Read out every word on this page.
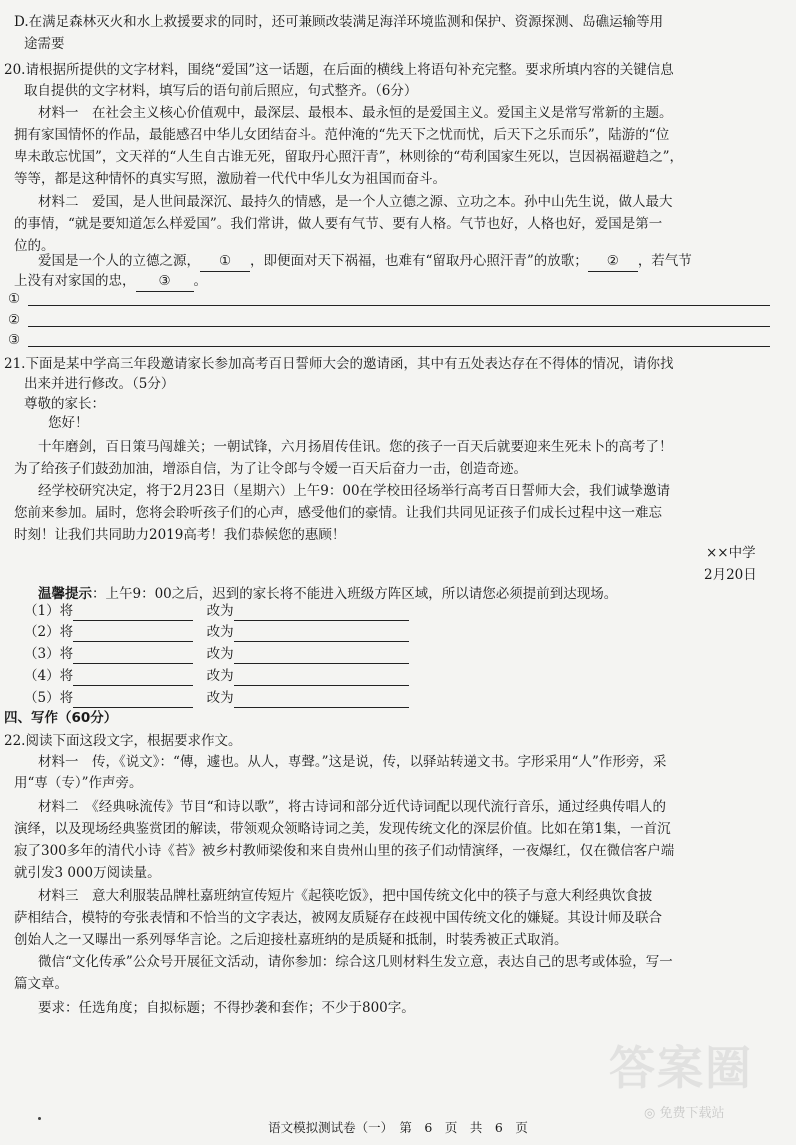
D.在满足森林灭火和水上救援要求的同时，还可兼顾改装满足海洋环境监测和保护、资源探测、岛礁运输等用
途需要
20.请根据所提供的文字材料，围绕“爱国”这一话题，在后面的横线上将语句补充完整。要求所填内容的关键信息
取自提供的文字材料，填写后的语句前后照应，句式整齐。（6分）
材料一　在社会主义核心价值观中，最深层、最根本、最永恒的是爱国主义。爱国主义是常写常新的主题。
拥有家国情怀的作品，最能感召中华儿女团结奋斗。范仲淹的“先天下之忧而忧，后天下之乐而乐”，陆游的“位
卑未敢忘忧国”，文天祥的“人生自古谁无死，留取丹心照汗青”，林则徐的“苟利国家生死以，岂因祸福避趋之”，
等等，都是这种情怀的真实写照，激励着一代代中华儿女为祖国而奋斗。
材料二　爱国，是人世间最深沉、最持久的情感，是一个人立德之源、立功之本。孙中山先生说，做人最大
的事情，“就是要知道怎么样爱国”。我们常讲，做人要有气节、要有人格。气节也好，人格也好，爱国是第一
位的。
爱国是一个人的立德之源， ① ，即便面对天下祸福，也难有“留取丹心照汗青”的放歌； ② ，若气节
上没有对家国的忠， ③ 。
①
②
③
21.下面是某中学高三年段邀请家长参加高考百日誓师大会的邀请函，其中有五处表达存在不得体的情况，请你找
出来并进行修改。（5分）
尊敬的家长：
您好！
十年磨剑，百日策马闯雄关；一朝试锋，六月扬眉传佳讯。您的孩子一百天后就要迎来生死未卜的高考了！
为了给孩子们鼓劲加油，增添自信，为了让令郎与令嫒一百天后奋力一击，创造奇迹。
经学校研究决定，将于2月23日（星期六）上午9：00在学校田径场举行高考百日誓师大会，我们诚挚邀请
您前来参加。届时，您将会聆听孩子们的心声，感受他们的豪情。让我们共同见证孩子们成长过程中这一难忘
时刻！让我们共同助力2019高考！我们恭候您的惠顾！
××中学
2月20日
温馨提示：上午9：00之后，迟到的家长将不能进入班级方阵区域，所以请您必须提前到达现场。
（1）将　	改为
（2）将　	改为
（3）将　	改为
（4）将　	改为
（5）将　	改为
四、写作（60分）
22.阅读下面这段文字，根据要求作文。
材料一　传，《说文》：“傳，遽也。从人，専聲。”这是说，传，以驿站转递文书。字形采用“人”作形旁，采
用“専（专）”作声旁。
材料二　《经典咏流传》节目“和诗以歌”，将古诗词和部分近代诗词配以现代流行音乐，通过经典传唱人的
演绎，以及现场经典鉴赏团的解读，带领观众领略诗词之美，发现传统文化的深层价值。比如在第1集，一首沉
寂了300多年的清代小诗《苔》被乡村教师梁俊和来自贵州山里的孩子们动情演绎，一夜爆红，仅在微信客户端
就引发3 000万阅读量。
材料三　意大利服装品牌杜嘉班纳宣传短片《起筷吃饭》，把中国传统文化中的筷子与意大利经典饮食披
萨相结合，模特的夸张表情和不恰当的文字表达，被网友质疑存在歧视中国传统文化的嫌疑。其设计师及联合
创始人之一又曝出一系列辱华言论。之后迎接杜嘉班纳的是质疑和抵制，时装秀被正式取消。
微信“文化传承”公众号开展征文活动，请你参加：综合这几则材料生发立意，表达自己的思考或体验，写一
篇文章。
要求：任选角度；自拟标题；不得抄袭和套作；不少于800字。
答案圈
◎ 免费下载站
语文模拟测试卷（一）　第　6　页　共　6　页
